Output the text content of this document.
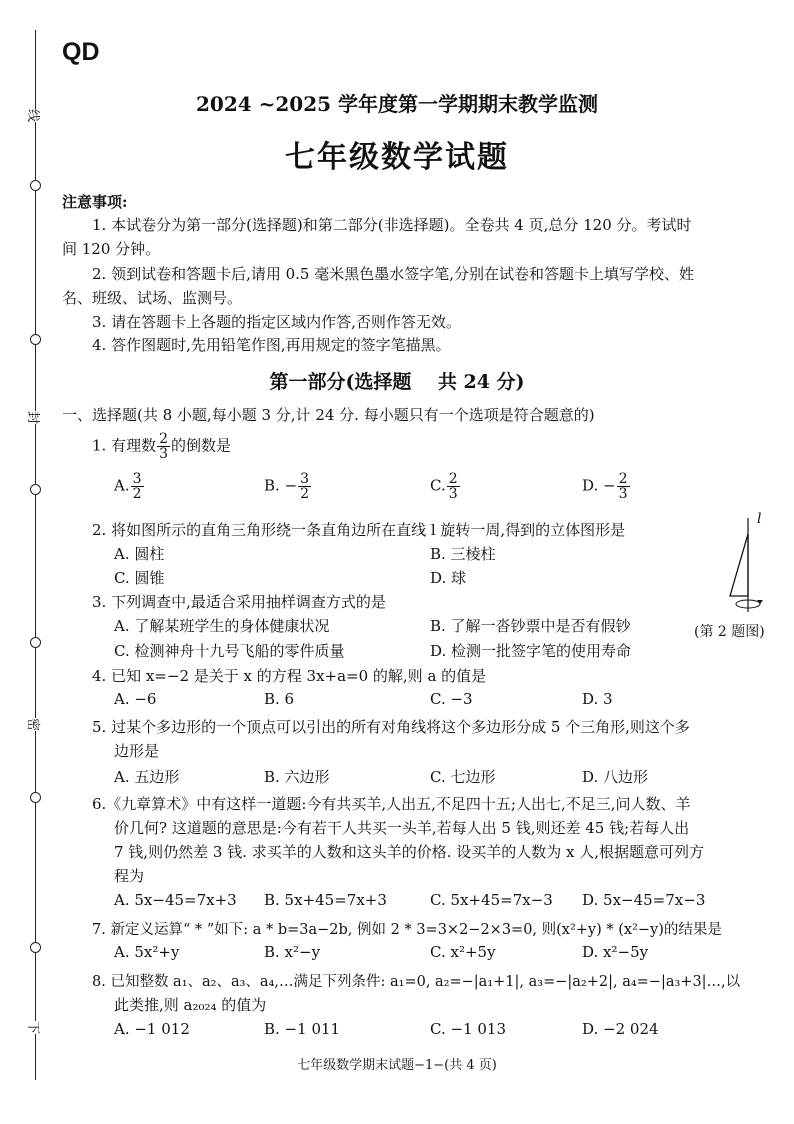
线
封
密
下
QD
2024 ~2025 学年度第一学期期末教学监测
七年级数学试题
注意事项:
1. 本试卷分为第一部分(选择题)和第二部分(非选择题)。全卷共 4 页,总分 120 分。考试时
间 120 分钟。
2. 领到试卷和答题卡后,请用 0.5 毫米黑色墨水签字笔,分别在试卷和答题卡上填写学校、姓
名、班级、试场、监测号。
3. 请在答题卡上各题的指定区域内作答,否则作答无效。
4. 答作图题时,先用铅笔作图,再用规定的签字笔描黑。
第一部分(选择题    共 24 分)
一、选择题(共 8 小题,每小题 3 分,计 24 分. 每小题只有一个选项是符合题意的)
1. 有理数 $\frac{2}{3}$ 的倒数是
A. $\frac{3}{2}$	B. − $\frac{3}{2}$	C. $\frac{2}{3}$	D. − $\frac{2}{3}$
2. 将如图所示的直角三角形绕一条直角边所在直线 l 旋转一周,得到的立体图形是
A. 圆柱	B. 三棱柱
C. 圆锥	D. 球
l
(第 2 题图)
3. 下列调查中,最适合采用抽样调查方式的是
A. 了解某班学生的身体健康状况	B. 了解一沓钞票中是否有假钞
C. 检测神舟十九号飞船的零件质量	D. 检测一批签字笔的使用寿命
4. 已知 x=−2 是关于 x 的方程 3x+a=0 的解,则 a 的值是
A. −6	B. 6	C. −3	D. 3
5. 过某个多边形的一个顶点可以引出的所有对角线将这个多边形分成 5 个三角形,则这个多
边形是
A. 五边形	B. 六边形	C. 七边形	D. 八边形
6.《九章算术》中有这样一道题:今有共买羊,人出五,不足四十五;人出七,不足三,问人数、羊
价几何? 这道题的意思是:今有若干人共买一头羊,若每人出 5 钱,则还差 45 钱;若每人出
7 钱,则仍然差 3 钱. 求买羊的人数和这头羊的价格. 设买羊的人数为 x 人,根据题意可列方
程为
A. 5x−45=7x+3 B. 5x+45=7x+3	C. 5x+45=7x−3 D. 5x−45=7x−3
7. 新定义运算“ * ”如下: a * b=3a−2b, 例如 2 * 3=3×2−2×3=0, 则(x²+y) * (x²−y)的结果是
A. 5x²+y	B. x²−y	C. x²+5y	D. x²−5y
8. 已知整数 a₁、a₂、a₃、a₄,…满足下列条件: a₁=0, a₂=−|a₁+1|, a₃=−|a₂+2|, a₄=−|a₃+3|…,以
此类推,则 a₂₀₂₄ 的值为
A. −1 012	B. −1 011	C. −1 013	D. −2 024
七年级数学期末试题−1−(共 4 页)
